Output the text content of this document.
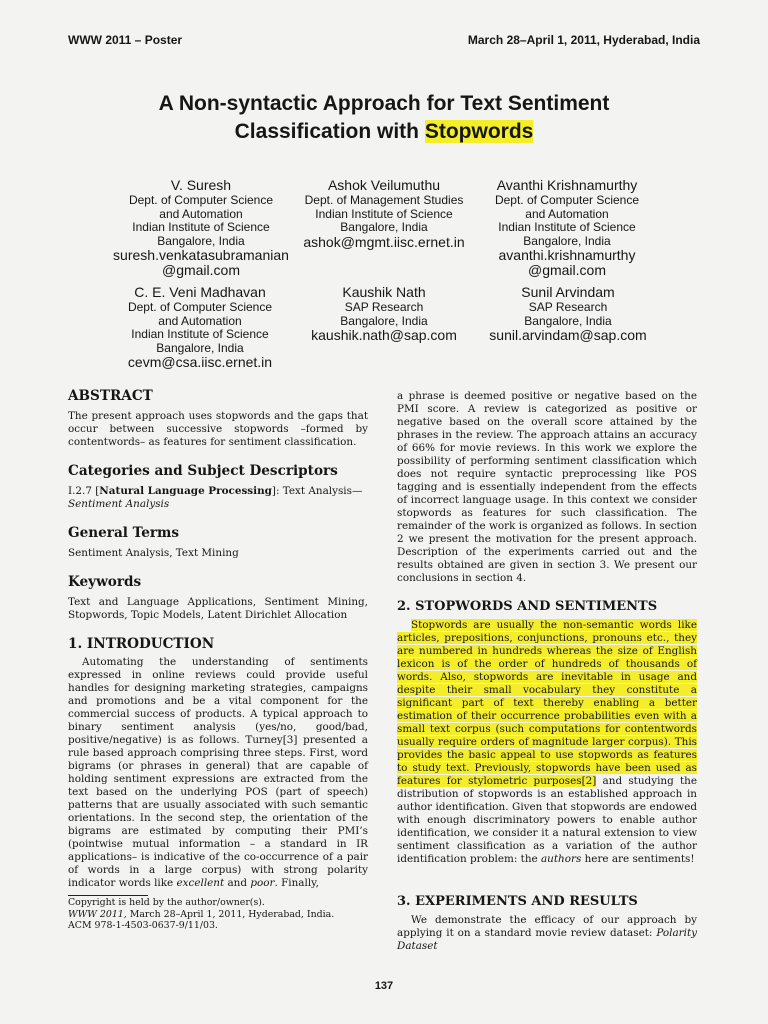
WWW 2011 – Poster	March 28–April 1, 2011, Hyderabad, India
A Non-syntactic Approach for Text Sentiment
Classification with Stopwords
V. Suresh
Dept. of Computer Science
and Automation
Indian Institute of Science
Bangalore, India
suresh.venkatasubramanian
@gmail.com
Ashok Veilumuthu
Dept. of Management Studies
Indian Institute of Science
Bangalore, India
ashok@mgmt.iisc.ernet.in
Avanthi Krishnamurthy
Dept. of Computer Science
and Automation
Indian Institute of Science
Bangalore, India
avanthi.krishnamurthy
@gmail.com
C. E. Veni Madhavan
Dept. of Computer Science
and Automation
Indian Institute of Science
Bangalore, India
cevm@csa.iisc.ernet.in
Kaushik Nath
SAP Research
Bangalore, India
kaushik.nath@sap.com
Sunil Arvindam
SAP Research
Bangalore, India
sunil.arvindam@sap.com
ABSTRACT

The present approach uses stopwords and the gaps that occur between successive stopwords –formed by contentwords– as features for sentiment classification.

Categories and Subject Descriptors

I.2.7 [Natural Language Processing]: Text Analysis—
Sentiment Analysis

General Terms

Sentiment Analysis, Text Mining

Keywords

Text and Language Applications, Sentiment Mining, Stopwords, Topic Models, Latent Dirichlet Allocation

1. INTRODUCTION

Automating the understanding of sentiments expressed in online reviews could provide useful handles for designing marketing strategies, campaigns and promotions and be a vital component for the commercial success of products. A typical approach to binary sentiment analysis (yes/no, good/bad, positive/negative) is as follows. Turney[3] presented a rule based approach comprising three steps. First, word bigrams (or phrases in general) that are capable of holding sentiment expressions are extracted from the text based on the underlying POS (part of speech) patterns that are usually associated with such semantic orientations. In the second step, the orientation of the bigrams are estimated by computing their PMI’s (pointwise mutual information – a standard in IR applications– is indicative of the co-occurrence of a pair of words in a large corpus) with strong polarity indicator words like excellent and poor. Finally,

a phrase is deemed positive or negative based on the PMI score. A review is categorized as positive or negative based on the overall score attained by the phrases in the review. The approach attains an accuracy of 66% for movie reviews. In this work we explore the possibility of performing sentiment classification which does not require syntactic preprocessing like POS tagging and is essentially independent from the effects of incorrect language usage. In this context we consider stopwords as features for such classification. The remainder of the work is organized as follows. In section 2 we present the motivation for the present approach. Description of the experiments carried out and the results obtained are given in section 3. We present our conclusions in section 4.

2. STOPWORDS AND SENTIMENTS

Stopwords are usually the non-semantic words like articles, prepositions, conjunctions, pronouns etc., they are numbered in hundreds whereas the size of English lexicon is of the order of hundreds of thousands of words. Also, stopwords are inevitable in usage and despite their small vocabulary they constitute a significant part of text thereby enabling a better estimation of their occurrence probabilities even with a small text corpus (such computations for contentwords usually require orders of magnitude larger corpus). This provides the basic appeal to use stopwords as features to study text. Previously, stopwords have been used as features for stylometric purposes[2] and studying the distribution of stopwords is an established approach in author identification. Given that stopwords are endowed with enough discriminatory powers to enable author identification, we consider it a natural extension to view sentiment classification as a variation of the author identification problem: the authors here are sentiments!

3. EXPERIMENTS AND RESULTS

We demonstrate the efficacy of our approach by applying it on a standard movie review dataset: Polarity Dataset

Copyright is held by the author/owner(s).
WWW 2011, March 28–April 1, 2011, Hyderabad, India.
ACM 978-1-4503-0637-9/11/03.
137
